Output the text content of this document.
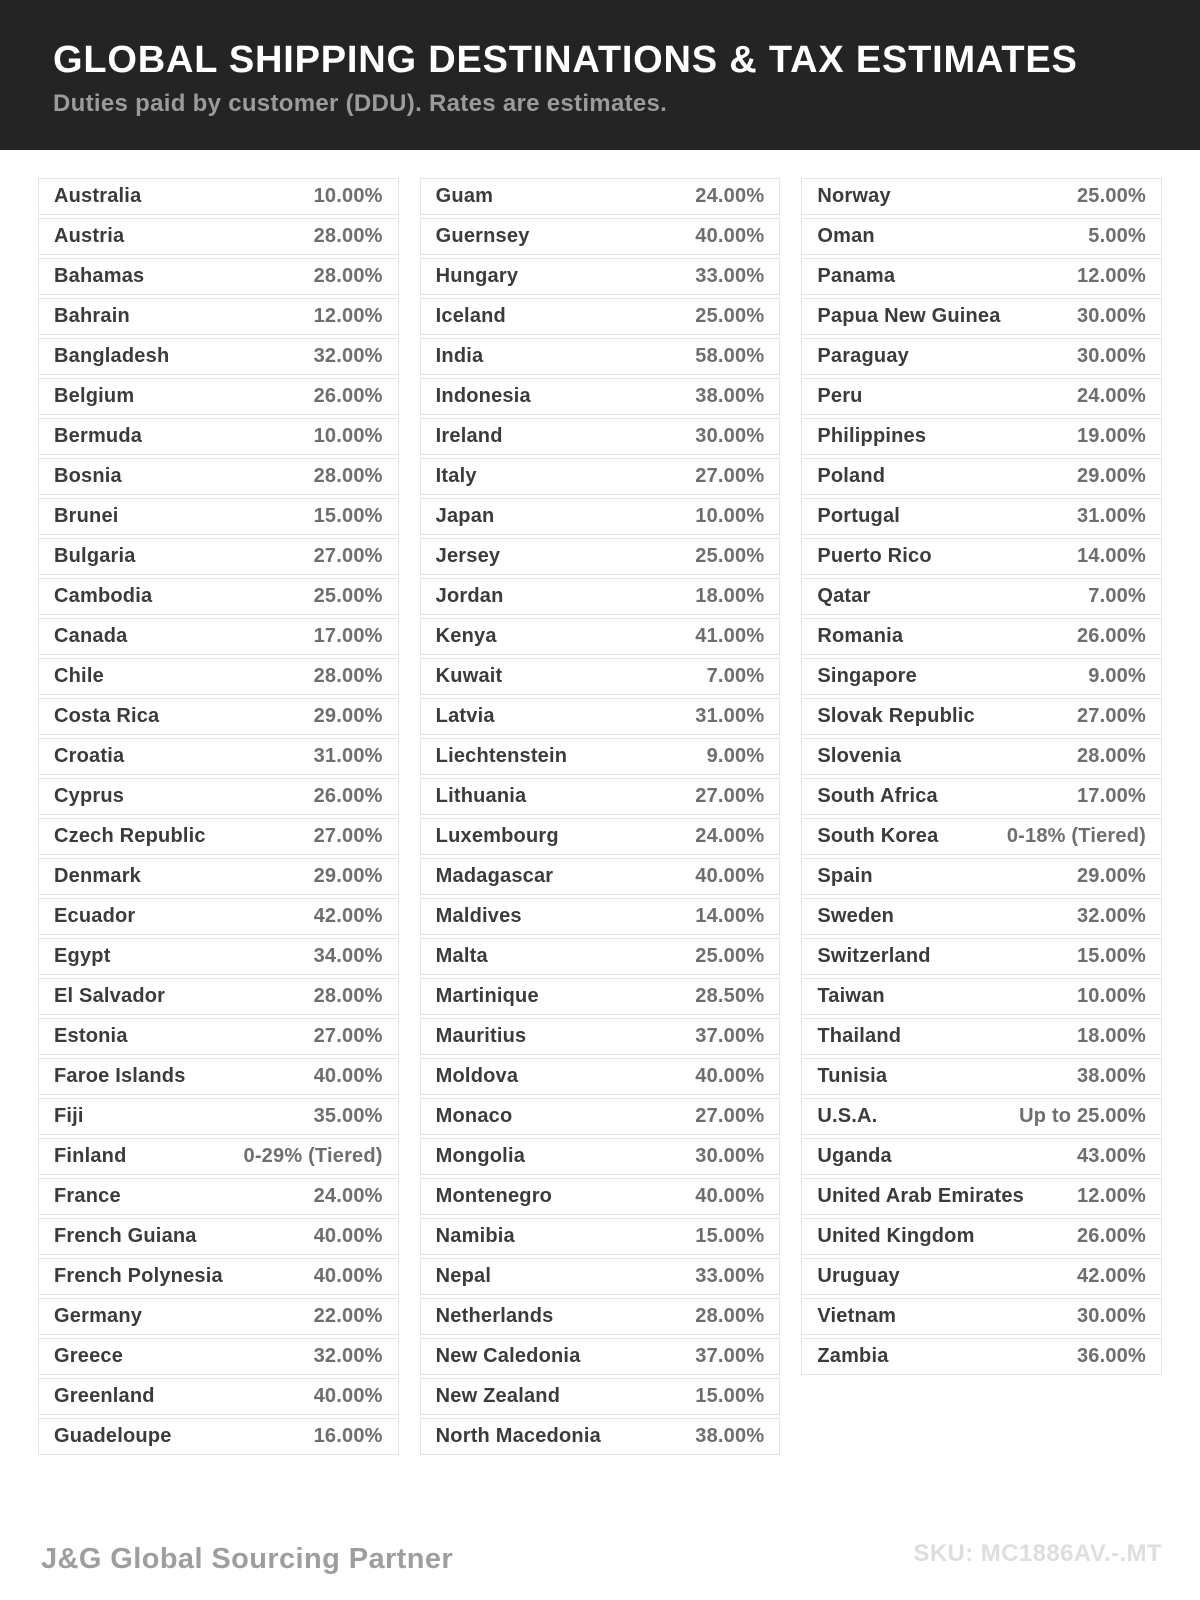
GLOBAL SHIPPING DESTINATIONS & TAX ESTIMATES

Duties paid by customer (DDU). Rates are estimates.

Australia	10.00%
Austria	28.00%
Bahamas	28.00%
Bahrain	12.00%
Bangladesh	32.00%
Belgium	26.00%
Bermuda	10.00%
Bosnia	28.00%
Brunei	15.00%
Bulgaria	27.00%
Cambodia	25.00%
Canada	17.00%
Chile	28.00%
Costa Rica	29.00%
Croatia	31.00%
Cyprus	26.00%
Czech Republic	27.00%
Denmark	29.00%
Ecuador	42.00%
Egypt	34.00%
El Salvador	28.00%
Estonia	27.00%
Faroe Islands	40.00%
Fiji	35.00%
Finland	0-29% (Tiered)
France	24.00%
French Guiana	40.00%
French Polynesia	40.00%
Germany	22.00%
Greece	32.00%
Greenland	40.00%
Guadeloupe	16.00%
Guam	24.00%
Guernsey	40.00%
Hungary	33.00%
Iceland	25.00%
India	58.00%
Indonesia	38.00%
Ireland	30.00%
Italy	27.00%
Japan	10.00%
Jersey	25.00%
Jordan	18.00%
Kenya	41.00%
Kuwait	7.00%
Latvia	31.00%
Liechtenstein	9.00%
Lithuania	27.00%
Luxembourg	24.00%
Madagascar	40.00%
Maldives	14.00%
Malta	25.00%
Martinique	28.50%
Mauritius	37.00%
Moldova	40.00%
Monaco	27.00%
Mongolia	30.00%
Montenegro	40.00%
Namibia	15.00%
Nepal	33.00%
Netherlands	28.00%
New Caledonia	37.00%
New Zealand	15.00%
North Macedonia	38.00%
Norway	25.00%
Oman	5.00%
Panama	12.00%
Papua New Guinea	30.00%
Paraguay	30.00%
Peru	24.00%
Philippines	19.00%
Poland	29.00%
Portugal	31.00%
Puerto Rico	14.00%
Qatar	7.00%
Romania	26.00%
Singapore	9.00%
Slovak Republic	27.00%
Slovenia	28.00%
South Africa	17.00%
South Korea	0-18% (Tiered)
Spain	29.00%
Sweden	32.00%
Switzerland	15.00%
Taiwan	10.00%
Thailand	18.00%
Tunisia	38.00%
U.S.A.	Up to 25.00%
Uganda	43.00%
United Arab Emirates	12.00%
United Kingdom	26.00%
Uruguay	42.00%
Vietnam	30.00%
Zambia	36.00%
J&G Global Sourcing Partner	SKU: MC1886AV.-.MT
